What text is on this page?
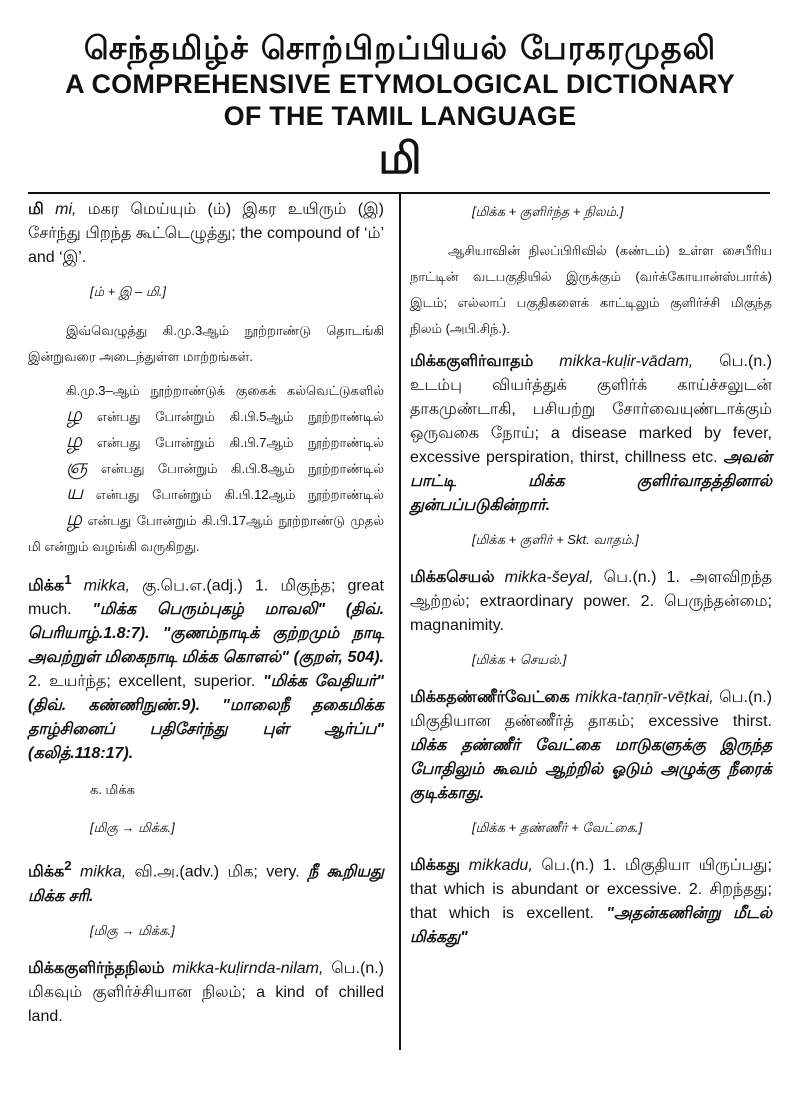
செந்தமிழ்ச் சொற்பிறப்பியல் பேரகரமுதலி
A COMPREHENSIVE ETYMOLOGICAL DICTIONARY
OF THE TAMIL LANGUAGE
மி

மி mi, மகர மெய்யும் (ம்) இகர உயிரும் (இ) சேர்ந்து பிறந்த கூட்டெழுத்து; the compound of ‘ம்’ and ‘இ’.

[ம் + இ – மி.]

இவ்வெழுத்து கி.மு.3ஆம் நூற்றாண்டு தொடங்கி இன்றுவரை அடைந்துள்ள மாற்றங்கள்.

கி.மு.3–ஆம் நூற்றாண்டுக் குகைக் கல்வெட்டுகளில் ழ என்பது போன்றும் கி.பி.5ஆம் நூற்றாண்டில் ழ என்பது போன்றும் கி.பி.7ஆம் நூற்றாண்டில் ஞ என்பது போன்றும் கி.பி.8ஆம் நூற்றாண்டில் ய என்பது போன்றும் கி.பி.12ஆம் நூற்றாண்டில் ழ என்பது போன்றும் கி.பி.17ஆம் நூற்றாண்டு முதல் மி என்றும் வழங்கி வருகிறது.

மிக்க$^1$ mikka, கு.பெ.எ.(adj.) 1. மிகுந்த; great much. "மிக்க பெரும்புகழ் மாவலி" (திவ். பெரியாழ்.1.8:7). "குணம்நாடிக் குற்றமும் நாடி அவற்றுள் மிகைநாடி மிக்க கொளல்" (குறள், 504). 2. உயர்ந்த; excellent, superior. "மிக்க வேதியர்" (திவ். கண்ணிநுண்.9). "மாலைநீ தகைமிக்க தாழ்சினைப் பதிசேர்ந்து புள் ஆர்ப்ப" (கலித்.118:17).

க. மிக்க

[மிகு → மிக்க.]

மிக்க$^2$ mikka, வி.அ.(adv.) மிக; very. நீ கூறியது மிக்க சரி.

[மிகு → மிக்க.]

மிக்ககுளிர்ந்தநிலம் mikka-kuḷirnda-nilam, பெ.(n.) மிகவும் குளிர்ச்சியான நிலம்; a kind of chilled land.

[மிக்க + குளிர்ந்த + நிலம்.]

ஆசியாவின் நிலப்பிரிவில் (கண்டம்) உள்ள சைபீரிய நாட்டின் வடபகுதியில் இருக்கும் (வர்க்கோயான்ஸ்பார்க்) இடம்; எல்லாப் பகுதிகளைக் காட்டிலும் குளிர்ச்சி மிகுந்த நிலம் (அபி.சிந்.).

மிக்ககுளிர்வாதம் mikka-kuḷir-vādam, பெ.(n.) உடம்பு வியர்த்துக் குளிர்க் காய்ச்சலுடன் தாகமுண்டாகி, பசியற்று சோர்வையுண்டாக்கும் ஒருவகை நோய்; a disease marked by fever, excessive perspiration, thirst, chillness etc. அவன் பாட்டி மிக்க குளிர்வாதத்தினால் துன்பப்படுகின்றார்.

[மிக்க + குளிர் + Skt. வாதம்.]

மிக்கசெயல் mikka-šeyal, பெ.(n.) 1. அளவிறந்த ஆற்றல்; extraordinary power. 2. பெருந்தன்மை; magnanimity.

[மிக்க + செயல்.]

மிக்கதண்ணீர்வேட்கை mikka-taṇṇīr-vēṭkai, பெ.(n.) மிகுதியான தண்ணீர்த் தாகம்; excessive thirst. மிக்க தண்ணீர் வேட்கை மாடுகளுக்கு இருந்த போதிலும் கூவம் ஆற்றில் ஓடும் அழுக்கு நீரைக் குடிக்காது.

[மிக்க + தண்ணீர் + வேட்கை.]

மிக்கது mikkadu, பெ.(n.) 1. மிகுதியா யிருப்பது; that which is abundant or excessive. 2. சிறந்தது; that which is excellent. "அதன்கணின்று மீடல் மிக்கது"
